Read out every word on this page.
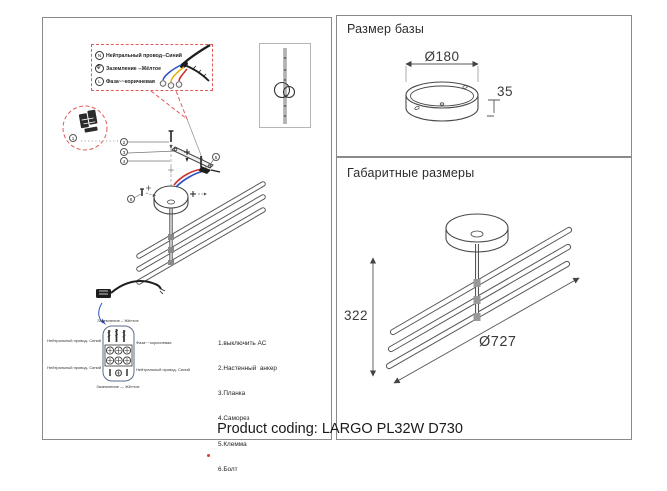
N Нейтральный провод--Синий
Заземление --Жёлтое
L	Фаза~~коричневая
1
2
3
4
5
6

1.выключить AC

2.Настенный  анкер

3.Планка

4.Саморез

5.Клемма

6.Болт

Заземление – Жёлтое
Нейтральный провод- Синий	Фаза~~коричневая
Нейтральный провод- Синий	Нейтральный провод- Синий
Заземление — Жёлтое
Размер базы
Ø180
35
Габаритные размеры
322
Ø727
Product coding: LARGO PL32W D730
